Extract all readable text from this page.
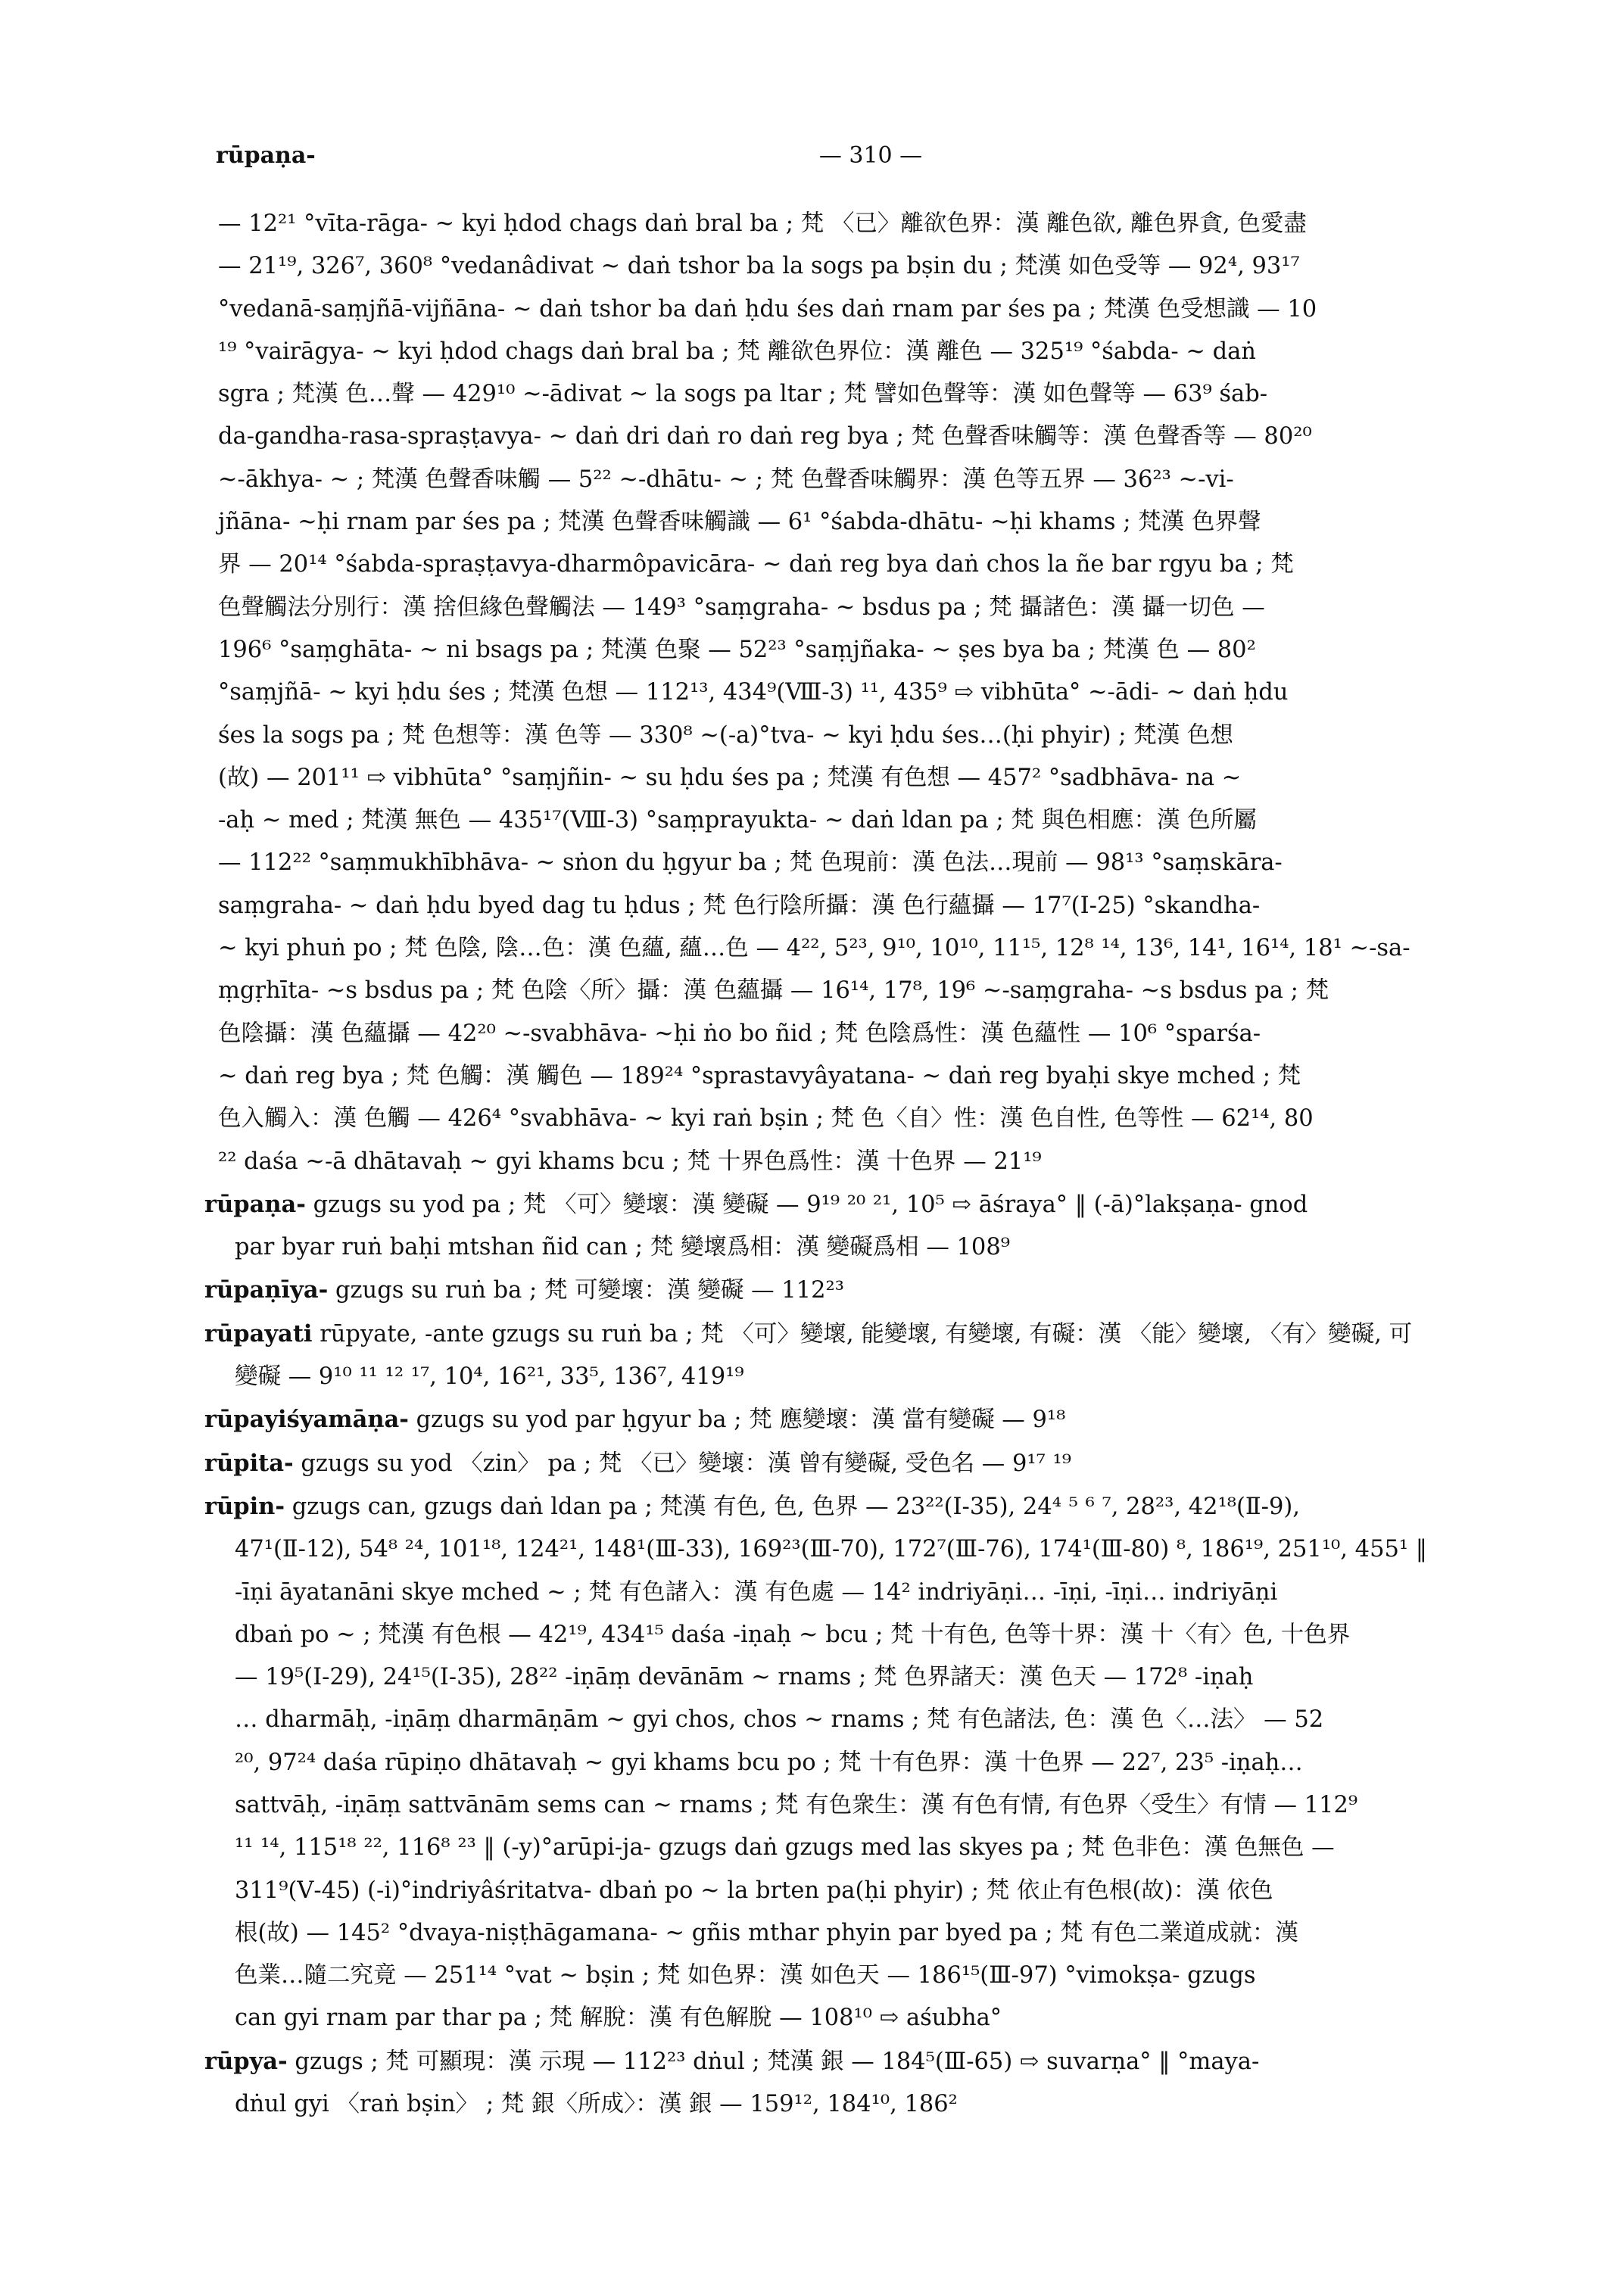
rūpaṇa-	— 310 —
— 12²¹ °vīta-rāga- ~ kyi ḥdod chags daṅ bral ba ; 梵 〈已〉離欲色界：漢 離色欲, 離色界貪, 色愛盡
— 21¹⁹, 326⁷, 360⁸ °vedanâdivat ~ daṅ tshor ba la sogs pa bṣin du ; 梵漢 如色受等 — 92⁴, 93¹⁷
°vedanā-saṃjñā-vijñāna- ~ daṅ tshor ba daṅ ḥdu śes daṅ rnam par śes pa ; 梵漢 色受想識 — 10
¹⁹ °vairāgya- ~ kyi ḥdod chags daṅ bral ba ; 梵 離欲色界位：漢 離色 — 325¹⁹ °śabda- ~ daṅ
sgra ; 梵漢 色…聲 — 429¹⁰ ~-ādivat ~ la sogs pa ltar ; 梵 譬如色聲等：漢 如色聲等 — 63⁹ śab-
da-gandha-rasa-spraṣṭavya- ~ daṅ dri daṅ ro daṅ reg bya ; 梵 色聲香味觸等：漢 色聲香等 — 80²⁰
~-ākhya- ~ ; 梵漢 色聲香味觸 — 5²² ~-dhātu- ~ ; 梵 色聲香味觸界：漢 色等五界 — 36²³ ~-vi-
jñāna- ~ḥi rnam par śes pa ; 梵漢 色聲香味觸識 — 6¹ °śabda-dhātu- ~ḥi khams ; 梵漢 色界聲
界 — 20¹⁴ °śabda-spraṣṭavya-dharmôpavicāra- ~ daṅ reg bya daṅ chos la ñe bar rgyu ba ; 梵
色聲觸法分別行：漢 捨但緣色聲觸法 — 149³ °saṃgraha- ~ bsdus pa ; 梵 攝諸色：漢 攝一切色 —
196⁶ °saṃghāta- ~ ni bsags pa ; 梵漢 色聚 — 52²³ °saṃjñaka- ~ ṣes bya ba ; 梵漢 色 — 80²
°saṃjñā- ~ kyi ḥdu śes ; 梵漢 色想 — 112¹³, 434⁹(Ⅷ-3) ¹¹, 435⁹ ⇨ vibhūta° ~-ādi- ~ daṅ ḥdu
śes la sogs pa ; 梵 色想等：漢 色等 — 330⁸ ~(-a)°tva- ~ kyi ḥdu śes…(ḥi phyir) ; 梵漢 色想
(故) — 201¹¹ ⇨ vibhūta° °saṃjñin- ~ su ḥdu śes pa ; 梵漢 有色想 — 457² °sadbhāva- na ~
-aḥ ~ med ; 梵漢 無色 — 435¹⁷(Ⅷ-3) °saṃprayukta- ~ daṅ ldan pa ; 梵 與色相應：漢 色所屬
— 112²² °saṃmukhībhāva- ~ sṅon du ḥgyur ba ; 梵 色現前：漢 色法…現前 — 98¹³ °saṃskāra-
saṃgraha- ~ daṅ ḥdu byed dag tu ḥdus ; 梵 色行陰所攝：漢 色行蘊攝 — 17⁷(Ⅰ-25) °skandha-
~ kyi phuṅ po ; 梵 色陰, 陰…色：漢 色蘊, 蘊…色 — 4²², 5²³, 9¹⁰, 10¹⁰, 11¹⁵, 12⁸ ¹⁴, 13⁶, 14¹, 16¹⁴, 18¹ ~-sa-
ṃgṛhīta- ~s bsdus pa ; 梵 色陰〈所〉攝：漢 色蘊攝 — 16¹⁴, 17⁸, 19⁶ ~-saṃgraha- ~s bsdus pa ; 梵
色陰攝：漢 色蘊攝 — 42²⁰ ~-svabhāva- ~ḥi ṅo bo ñid ; 梵 色陰爲性：漢 色蘊性 — 10⁶ °sparśa-
~ daṅ reg bya ; 梵 色觸：漢 觸色 — 189²⁴ °sprastavyâyatana- ~ daṅ reg byaḥi skye mched ; 梵
色入觸入：漢 色觸 — 426⁴ °svabhāva- ~ kyi raṅ bṣin ; 梵 色〈自〉性：漢 色自性, 色等性 — 62¹⁴, 80
²² daśa ~-ā dhātavaḥ ~ gyi khams bcu ; 梵 十界色爲性：漢 十色界 — 21¹⁹
rūpaṇa- gzugs su yod pa ; 梵 〈可〉變壞：漢 變礙 — 9¹⁹ ²⁰ ²¹, 10⁵ ⇨ āśraya° ‖ (-ā)°lakṣaṇa- gnod
par byar ruṅ baḥi mtshan ñid can ; 梵 變壞爲相：漢 變礙爲相 — 108⁹
rūpaṇīya- gzugs su ruṅ ba ; 梵 可變壞：漢 變礙 — 112²³
rūpayati rūpyate, -ante gzugs su ruṅ ba ; 梵 〈可〉變壞, 能變壞, 有變壞, 有礙：漢 〈能〉變壞, 〈有〉變礙, 可
變礙 — 9¹⁰ ¹¹ ¹² ¹⁷, 10⁴, 16²¹, 33⁵, 136⁷, 419¹⁹
rūpayiśyamāṇa- gzugs su yod par ḥgyur ba ; 梵 應變壞：漢 當有變礙 — 9¹⁸
rūpita- gzugs su yod 〈zin〉 pa ; 梵 〈已〉變壞：漢 曾有變礙, 受色名 — 9¹⁷ ¹⁹
rūpin- gzugs can, gzugs daṅ ldan pa ; 梵漢 有色, 色, 色界 — 23²²(Ⅰ-35), 24⁴ ⁵ ⁶ ⁷, 28²³, 42¹⁸(Ⅱ-9),
47¹(Ⅱ-12), 54⁸ ²⁴, 101¹⁸, 124²¹, 148¹(Ⅲ-33), 169²³(Ⅲ-70), 172⁷(Ⅲ-76), 174¹(Ⅲ-80) ⁸, 186¹⁹, 251¹⁰, 455¹ ‖
-īṇi āyatanāni skye mched ~ ; 梵 有色諸入：漢 有色處 — 14² indriyāṇi… -īṇi, -īṇi… indriyāṇi
dbaṅ po ~ ; 梵漢 有色根 — 42¹⁹, 434¹⁵ daśa -iṇaḥ ~ bcu ; 梵 十有色, 色等十界：漢 十〈有〉色, 十色界
— 19⁵(Ⅰ-29), 24¹⁵(Ⅰ-35), 28²² -iṇāṃ devānām ~ rnams ; 梵 色界諸天：漢 色天 — 172⁸ -iṇaḥ
… dharmāḥ, -iṇāṃ dharmāṇām ~ gyi chos, chos ~ rnams ; 梵 有色諸法, 色：漢 色〈…法〉 — 52
²⁰, 97²⁴ daśa rūpiṇo dhātavaḥ ~ gyi khams bcu po ; 梵 十有色界：漢 十色界 — 22⁷, 23⁵ -iṇaḥ…
sattvāḥ, -iṇāṃ sattvānām sems can ~ rnams ; 梵 有色衆生：漢 有色有情, 有色界〈受生〉有情 — 112⁹
¹¹ ¹⁴, 115¹⁸ ²², 116⁸ ²³ ‖ (-y)°arūpi-ja- gzugs daṅ gzugs med las skyes pa ; 梵 色非色：漢 色無色 —
311⁹(Ⅴ-45) (-i)°indriyâśritatva- dbaṅ po ~ la brten pa(ḥi phyir) ; 梵 依止有色根(故)：漢 依色
根(故) — 145² °dvaya-niṣṭhāgamana- ~ gñis mthar phyin par byed pa ; 梵 有色二業道成就：漢
色業…隨二究竟 — 251¹⁴ °vat ~ bṣin ; 梵 如色界：漢 如色天 — 186¹⁵(Ⅲ-97) °vimokṣa- gzugs
can gyi rnam par thar pa ; 梵 解脫：漢 有色解脫 — 108¹⁰ ⇨ aśubha°
rūpya- gzugs ; 梵 可顯現：漢 示現 — 112²³ dṅul ; 梵漢 銀 — 184⁵(Ⅲ-65) ⇨ suvarṇa° ‖ °maya-
dṅul gyi 〈raṅ bṣin〉 ; 梵 銀〈所成〉：漢 銀 — 159¹², 184¹⁰, 186²
